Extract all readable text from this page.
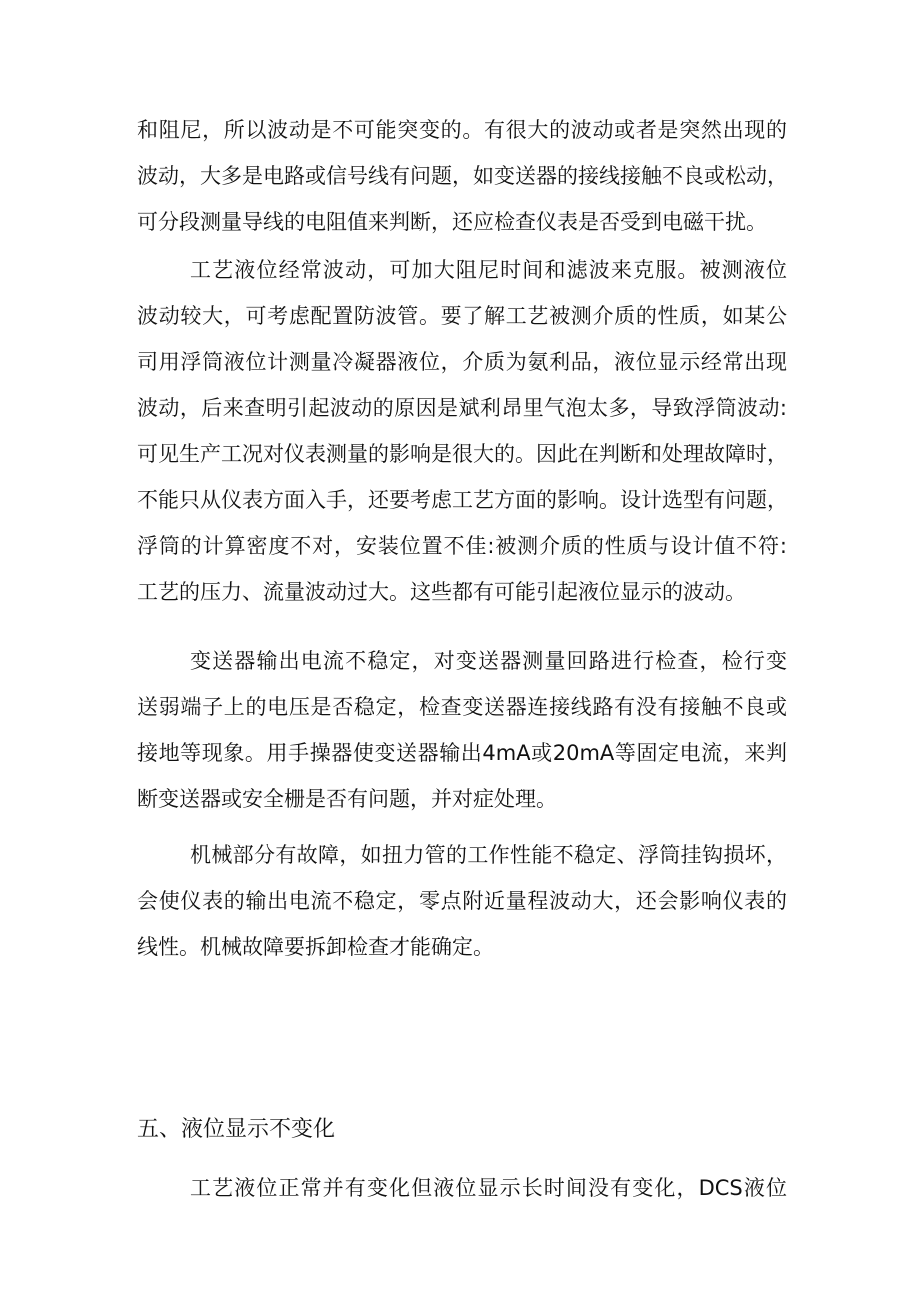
和阻尼，所以波动是不可能突变的。有很大的波动或者是突然出现的
波动，大多是电路或信号线有问题，如变送器的接线接触不良或松动，
可分段测量导线的电阻值来判断，还应检查仪表是否受到电磁干扰。

工艺液位经常波动，可加大阻尼时间和滤波来克服。被测液位
波动较大，可考虑配置防波管。要了解工艺被测介质的性质，如某公
司用浮筒液位计测量冷凝器液位，介质为氨利品，液位显示经常出现
波动，后来查明引起波动的原因是斌利昂里气泡太多，导致浮筒波动:
可见生产工况对仪表测量的影响是很大的。因此在判断和处理故障时，
不能只从仪表方面入手，还要考虑工艺方面的影响。设计选型有问题，
浮筒的计算密度不对，安装位置不佳:被测介质的性质与设计值不符:
工艺的压力、流量波动过大。这些都有可能引起液位显示的波动。

变送器输出电流不稳定，对变送器测量回路进行检查，检行变
送弱端子上的电压是否稳定，检查变送器连接线路有没有接触不良或
接地等现象。用手操器使变送器输出4mA或20mA等固定电流，来判
断变送器或安全栅是否有问题，并对症处理。

机械部分有故障，如扭力管的工作性能不稳定、浮筒挂钩损坏，
会使仪表的输出电流不稳定，零点附近量程波动大，还会影响仪表的
线性。机械故障要拆卸检查才能确定。

五、液位显示不变化

工艺液位正常并有变化但液位显示长时间没有变化，DCS液位
